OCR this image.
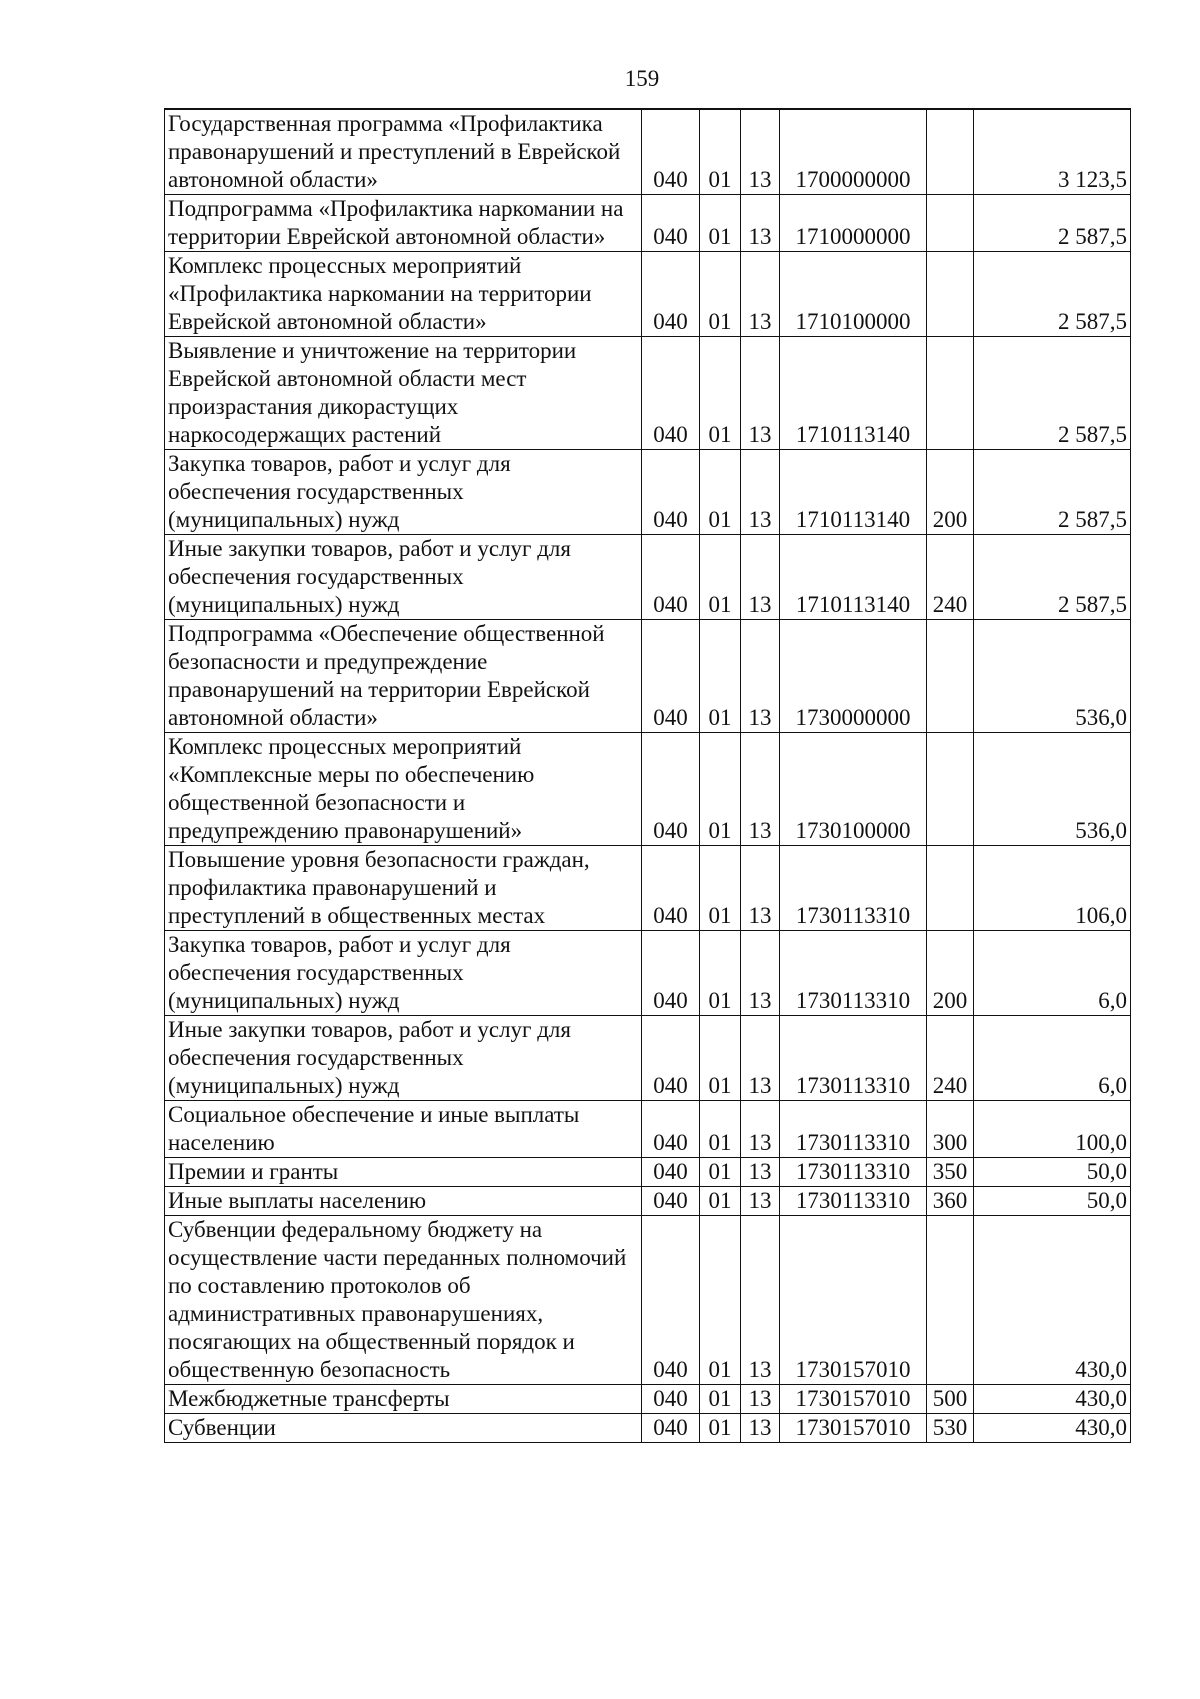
159
Государственная программа «Профилактика правонарушений и преступлений в Еврейской автономной области»	040	01	13	1700000000		3 123,5
Подпрограмма «Профилактика наркомании на территории Еврейской автономной области»	040	01	13	1710000000		2 587,5
Комплекс процессных мероприятий «Профилактика наркомании на территории Еврейской автономной области»	040	01	13	1710100000		2 587,5
Выявление и уничтожение на территории Еврейской автономной области мест произрастания дикорастущих наркосодержащих растений	040	01	13	1710113140		2 587,5
Закупка товаров, работ и услуг для обеспечения государственных (муниципальных) нужд	040	01	13	1710113140	200	2 587,5
Иные закупки товаров, работ и услуг для обеспечения государственных (муниципальных) нужд	040	01	13	1710113140	240	2 587,5
Подпрограмма «Обеспечение общественной безопасности и предупреждение правонарушений на территории Еврейской автономной области»	040	01	13	1730000000		536,0
Комплекс процессных мероприятий «Комплексные меры по обеспечению общественной безопасности и предупреждению правонарушений»	040	01	13	1730100000		536,0
Повышение уровня безопасности граждан, профилактика правонарушений и преступлений в общественных местах	040	01	13	1730113310		106,0
Закупка товаров, работ и услуг для обеспечения государственных (муниципальных) нужд	040	01	13	1730113310	200	6,0
Иные закупки товаров, работ и услуг для обеспечения государственных (муниципальных) нужд	040	01	13	1730113310	240	6,0
Социальное обеспечение и иные выплаты населению	040	01	13	1730113310	300	100,0
Премии и гранты	040	01	13	1730113310	350	50,0
Иные выплаты населению	040	01	13	1730113310	360	50,0
Субвенции федеральному бюджету на осуществление части переданных полномочий по составлению протоколов об административных правонарушениях, посягающих на общественный порядок и общественную безопасность	040	01	13	1730157010		430,0
Межбюджетные трансферты	040	01	13	1730157010	500	430,0
Субвенции	040	01	13	1730157010	530	430,0
